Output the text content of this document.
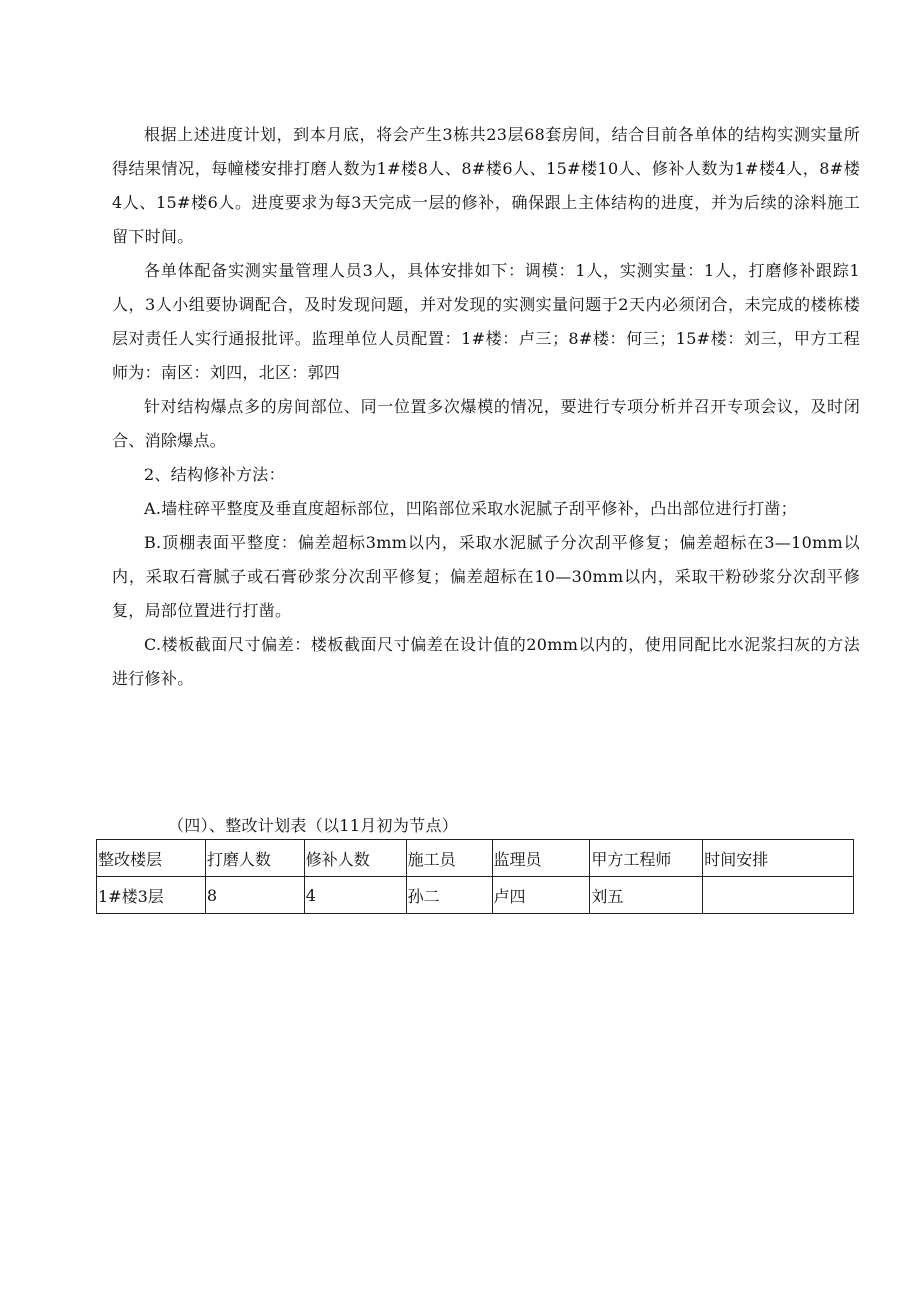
根据上述进度计划，到本月底，将会产生3栋共23层68套房间，结合目前各单体的结构实测实量所得结果情况，每幢楼安排打磨人数为1#楼8人、8#楼6人、15#楼10人、修补人数为1#楼4人，8#楼4人、15#楼6人。进度要求为每3天完成一层的修补，确保跟上主体结构的进度，并为后续的涂料施工留下时间。

各单体配备实测实量管理人员3人，具体安排如下：调模：1人，实测实量：1人，打磨修补跟踪1人，3人小组要协调配合，及时发现问题，并对发现的实测实量问题于2天内必须闭合，未完成的楼栋楼层对责任人实行通报批评。监理单位人员配置：1#楼：卢三；8#楼：何三；15#楼：刘三，甲方工程师为：南区：刘四，北区：郭四

针对结构爆点多的房间部位、同一位置多次爆模的情况，要进行专项分析并召开专项会议，及时闭合、消除爆点。

2、结构修补方法：

A.墙柱碎平整度及垂直度超标部位，凹陷部位采取水泥腻子刮平修补，凸出部位进行打凿；

B.顶棚表面平整度：偏差超标3mm以内，采取水泥腻子分次刮平修复；偏差超标在3—10mm以内，采取石膏腻子或石膏砂浆分次刮平修复；偏差超标在10—30mm以内，采取干粉砂浆分次刮平修复，局部位置进行打凿。

C.楼板截面尺寸偏差：楼板截面尺寸偏差在设计值的20mm以内的，使用同配比水泥浆扫灰的方法进行修补。

（四）、整改计划表（以11月初为节点）
整改楼层	打磨人数	修补人数	施工员	监理员	甲方工程师	时间安排
1#楼3层	8	4	孙二	卢四	刘五	
